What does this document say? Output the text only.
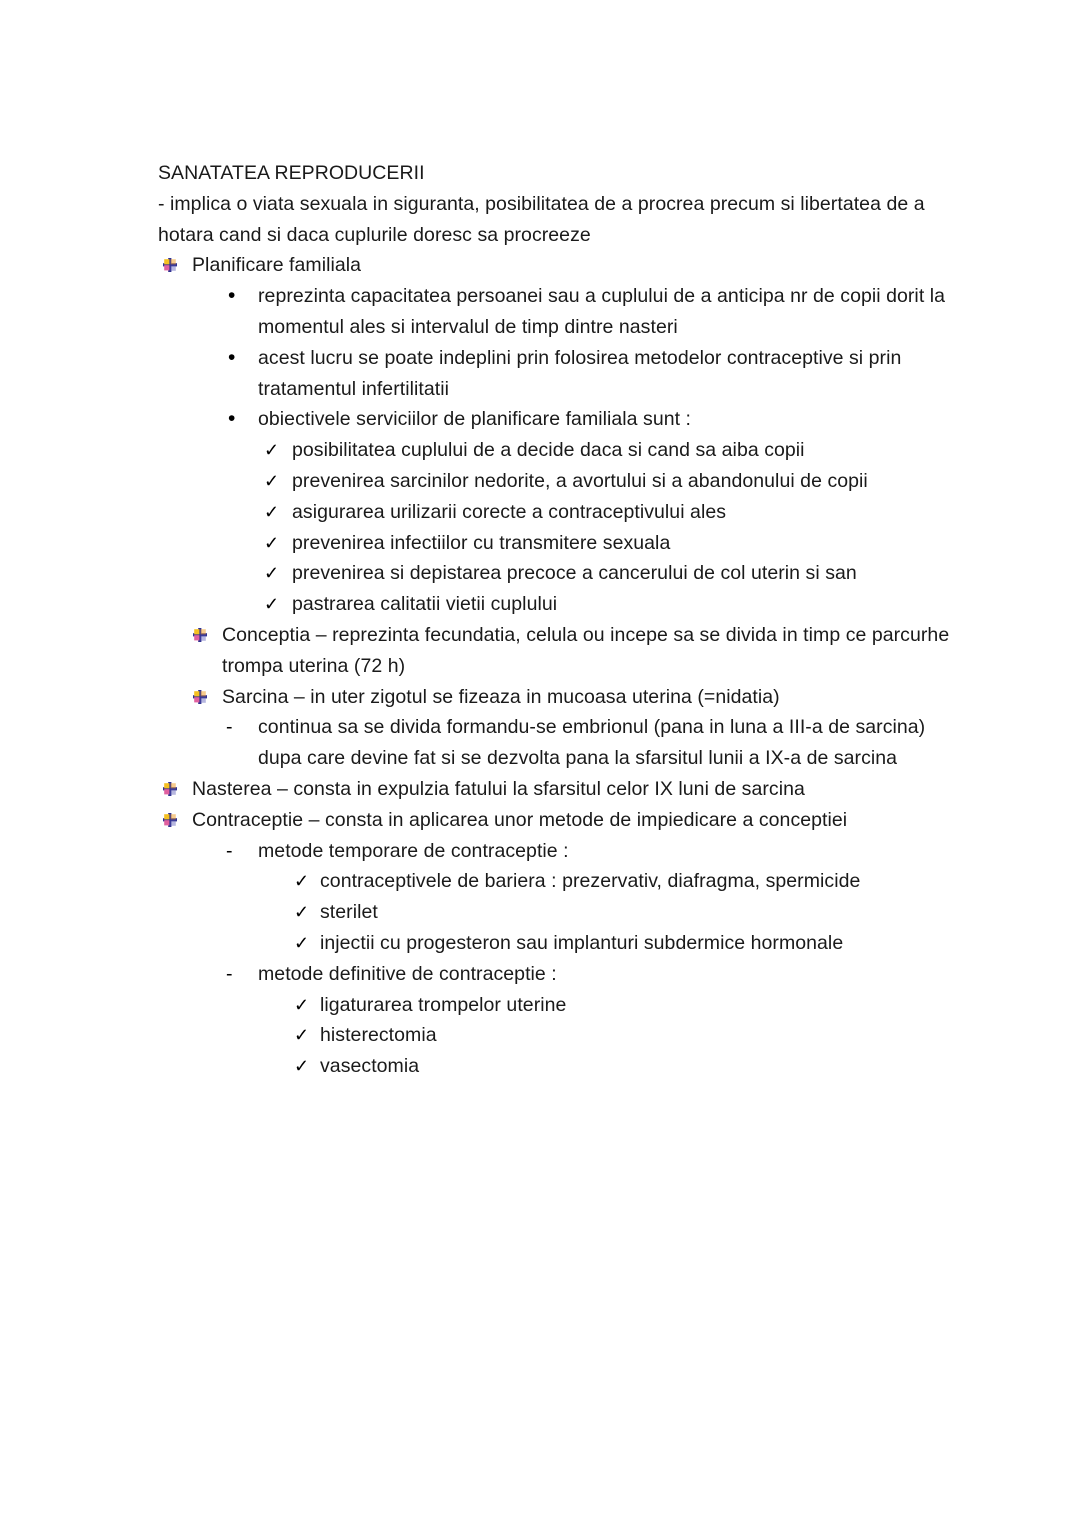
SANATATEA REPRODUCERII
- implica o viata sexuala in siguranta, posibilitatea de a procrea precum si libertatea de a
hotara cand si daca cuplurile doresc sa procreeze
Planificare familiala
•	reprezinta capacitatea persoanei sau a cuplului de a anticipa nr de copii dorit la momentul ales si intervalul de timp dintre nasteri
•	acest lucru se poate indeplini prin folosirea metodelor contraceptive si prin tratamentul infertilitatii
•	obiectivele serviciilor de planificare familiala sunt :
✓ posibilitatea cuplului de a decide daca si cand sa aiba copii
✓ prevenirea sarcinilor nedorite, a avortului si a abandonului de copii
✓ asigurarea urilizarii corecte a contraceptivului ales
✓ prevenirea infectiilor cu transmitere sexuala
✓ prevenirea si depistarea precoce a cancerului de col uterin si san
✓ pastrarea calitatii vietii cuplului
Conceptia – reprezinta fecundatia, celula ou incepe sa se divida in timp ce parcurhe trompa uterina (72 h)
Sarcina – in uter zigotul se fizeaza in mucoasa uterina (=nidatia)
-	continua sa se divida formandu-se embrionul (pana in luna a III-a de sarcina) dupa care devine fat si se dezvolta pana la sfarsitul lunii a IX-a de sarcina
Nasterea – consta in expulzia fatului la sfarsitul celor IX luni de sarcina
Contraceptie – consta in aplicarea unor metode de impiedicare a conceptiei
-	metode temporare de contraceptie :
✓ contraceptivele de bariera : prezervativ, diafragma, spermicide
✓ sterilet
✓ injectii cu progesteron sau implanturi subdermice hormonale
-	metode definitive de contraceptie :
✓ ligaturarea trompelor uterine
✓ histerectomia
✓ vasectomia
